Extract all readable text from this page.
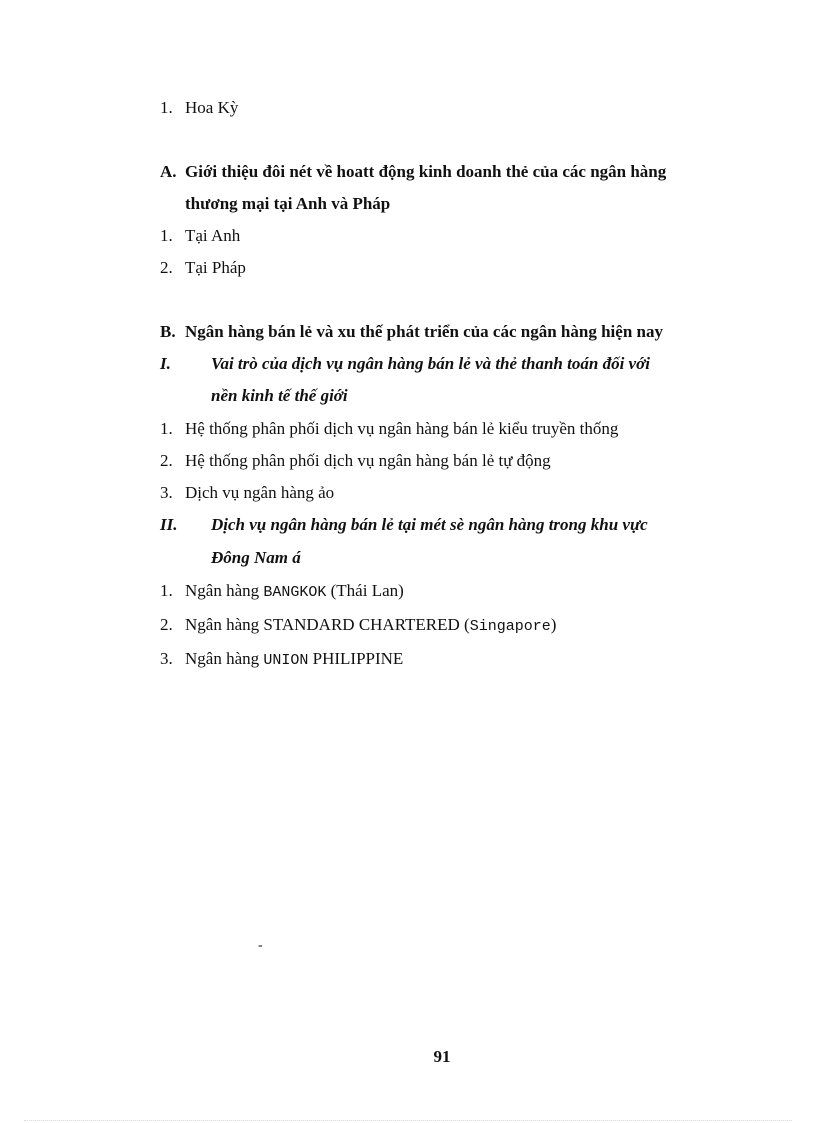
1. Hoa Kỳ
A. Giới thiệu đôi nét về hoatt động kinh doanh thẻ của các ngân hàng
thương mại tại Anh và Pháp
1. Tại Anh
2. Tại Pháp
B. Ngân hàng bán lẻ và xu thế phát triển của các ngân hàng hiện nay
I. Vai trò của dịch vụ ngân hàng bán lẻ và thẻ thanh toán đối với
nền kinh tế thế giới
1. Hệ thống phân phối dịch vụ ngân hàng bán lẻ kiểu truyền thống
2. Hệ thống phân phối dịch vụ ngân hàng bán lẻ tự động
3. Dịch vụ ngân hàng ảo
II. Dịch vụ ngân hàng bán lẻ tại mét sè ngân hàng trong khu vực
Đông Nam á
1. Ngân hàng BANGKOK (Thái Lan)
2. Ngân hàng STANDARD CHARTERED (Singapore)
3. Ngân hàng UNION PHILIPPINE
-
91
